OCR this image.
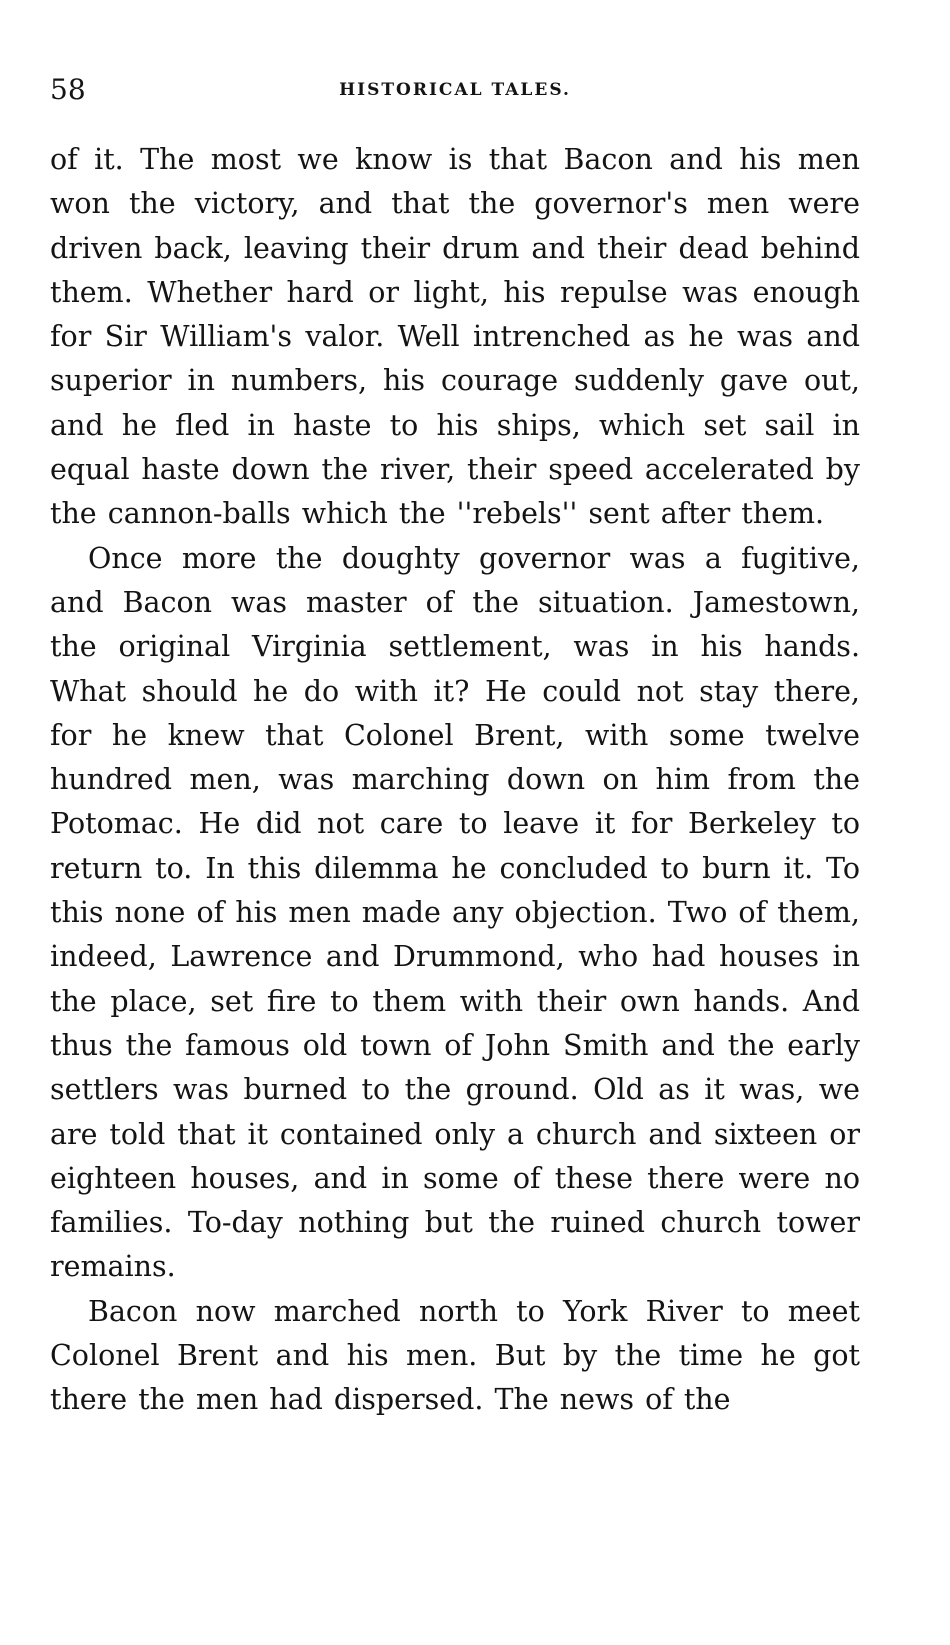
58	HISTORICAL TALES.

of it. The most we know is that Bacon and his men won the victory, and that the governor's men were driven back, leaving their drum and their dead behind them. Whether hard or light, his repulse was enough for Sir William's valor. Well intrenched as he was and superior in numbers, his courage suddenly gave out, and he fled in haste to his ships, which set sail in equal haste down the river, their speed accelerated by the cannon-balls which the ''rebels'' sent after them.

Once more the doughty governor was a fugitive, and Bacon was master of the situation. Jamestown, the original Virginia settlement, was in his hands. What should he do with it? He could not stay there, for he knew that Colonel Brent, with some twelve hundred men, was marching down on him from the Potomac. He did not care to leave it for Berkeley to return to. In this dilemma he concluded to burn it. To this none of his men made any objection. Two of them, indeed, Lawrence and Drummond, who had houses in the place, set fire to them with their own hands. And thus the famous old town of John Smith and the early settlers was burned to the ground. Old as it was, we are told that it contained only a church and sixteen or eighteen houses, and in some of these there were no families. To-day nothing but the ruined church tower remains.

Bacon now marched north to York River to meet Colonel Brent and his men. But by the time he got there the men had dispersed. The news of the
